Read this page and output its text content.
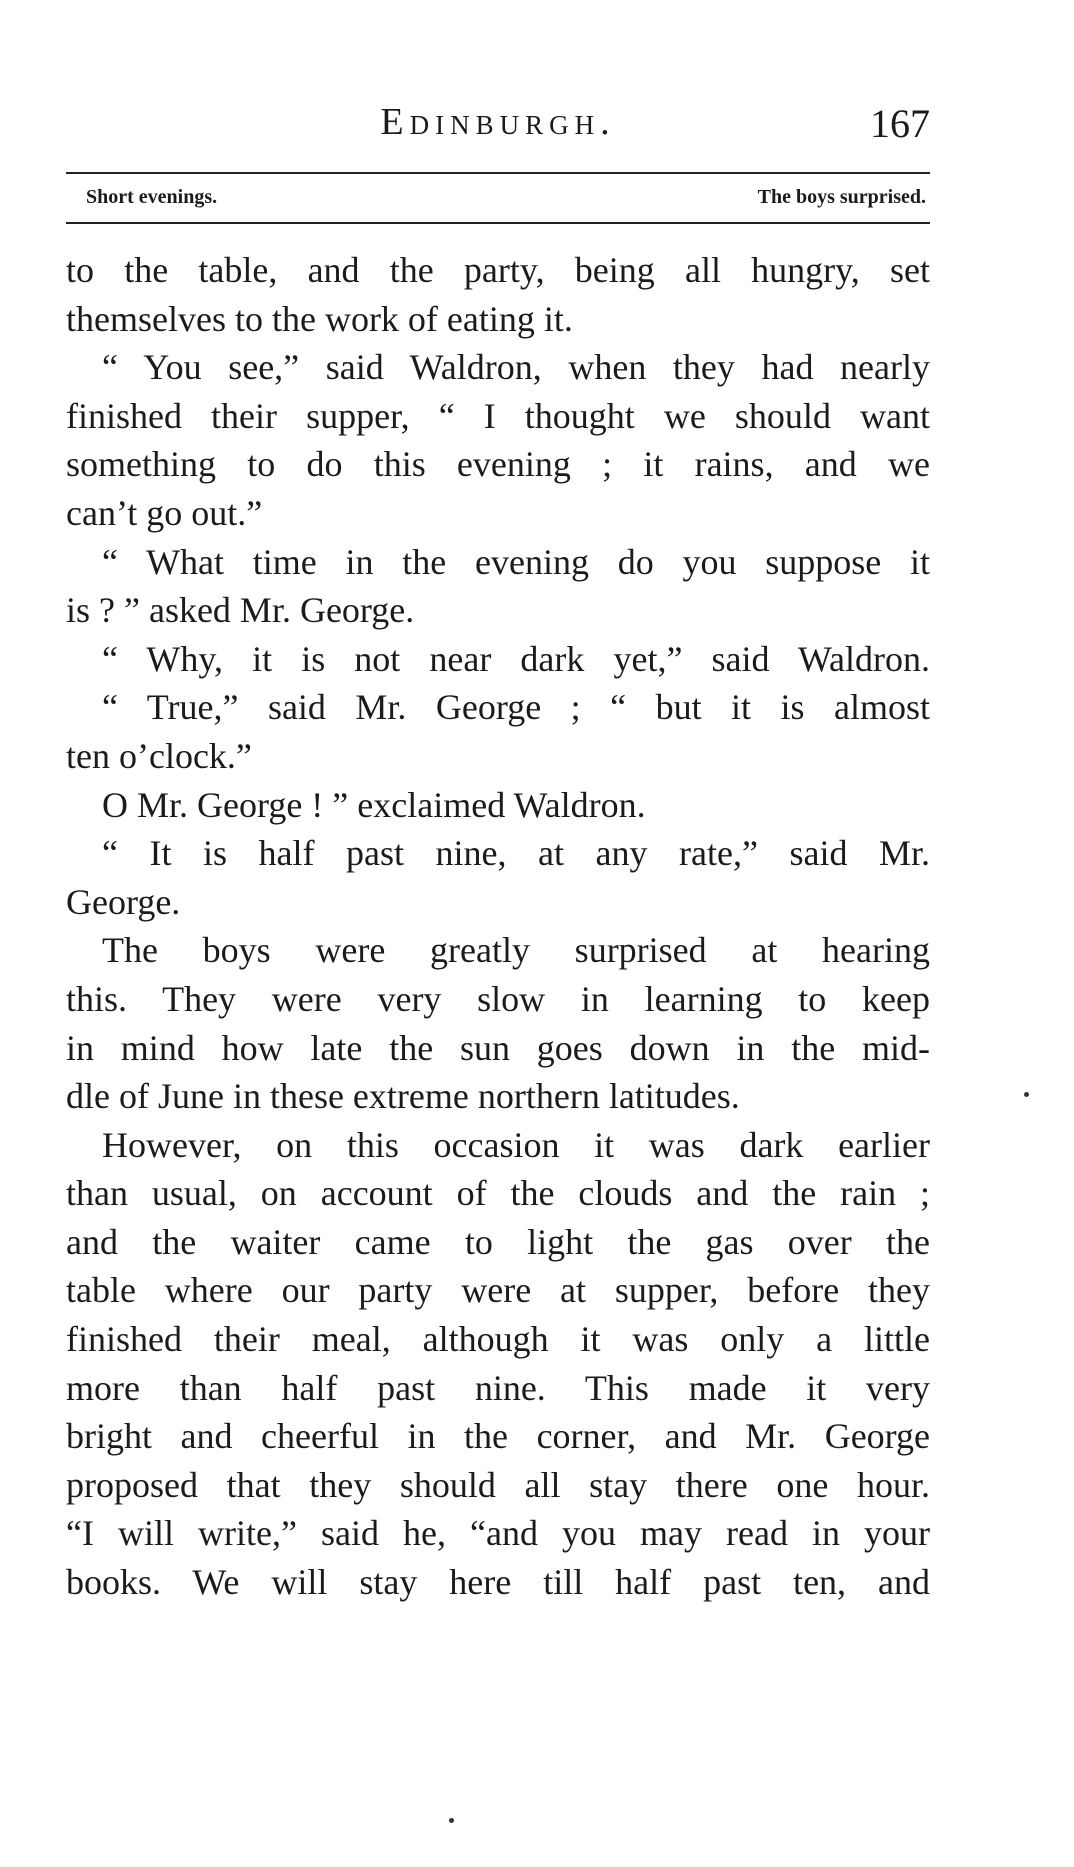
Edinburgh.	167
Short evenings.	The boys surprised.
to the table, and the party, being all hungry, set
themselves to the work of eating it.
“ You see,” said Waldron, when they had nearly
finished their supper, “ I thought we should want
something to do this evening ; it rains, and we
can’t go out.”
“ What time in the evening do you suppose it
is ? ” asked Mr. George.
“ Why, it is not near dark yet,” said Waldron.
“ True,” said Mr. George ; “ but it is almost
ten o’clock.”
O Mr. George ! ” exclaimed Waldron.
“ It is half past nine, at any rate,” said Mr.
George.
The boys were greatly surprised at hearing
this. They were very slow in learning to keep
in mind how late the sun goes down in the mid-
dle of June in these extreme northern latitudes.
However, on this occasion it was dark earlier
than usual, on account of the clouds and the rain ;
and the waiter came to light the gas over the
table where our party were at supper, before they
finished their meal, although it was only a little
more than half past nine. This made it very
bright and cheerful in the corner, and Mr. George
proposed that they should all stay there one hour.
“I will write,” said he, “and you may read in your
books. We will stay here till half past ten, and
